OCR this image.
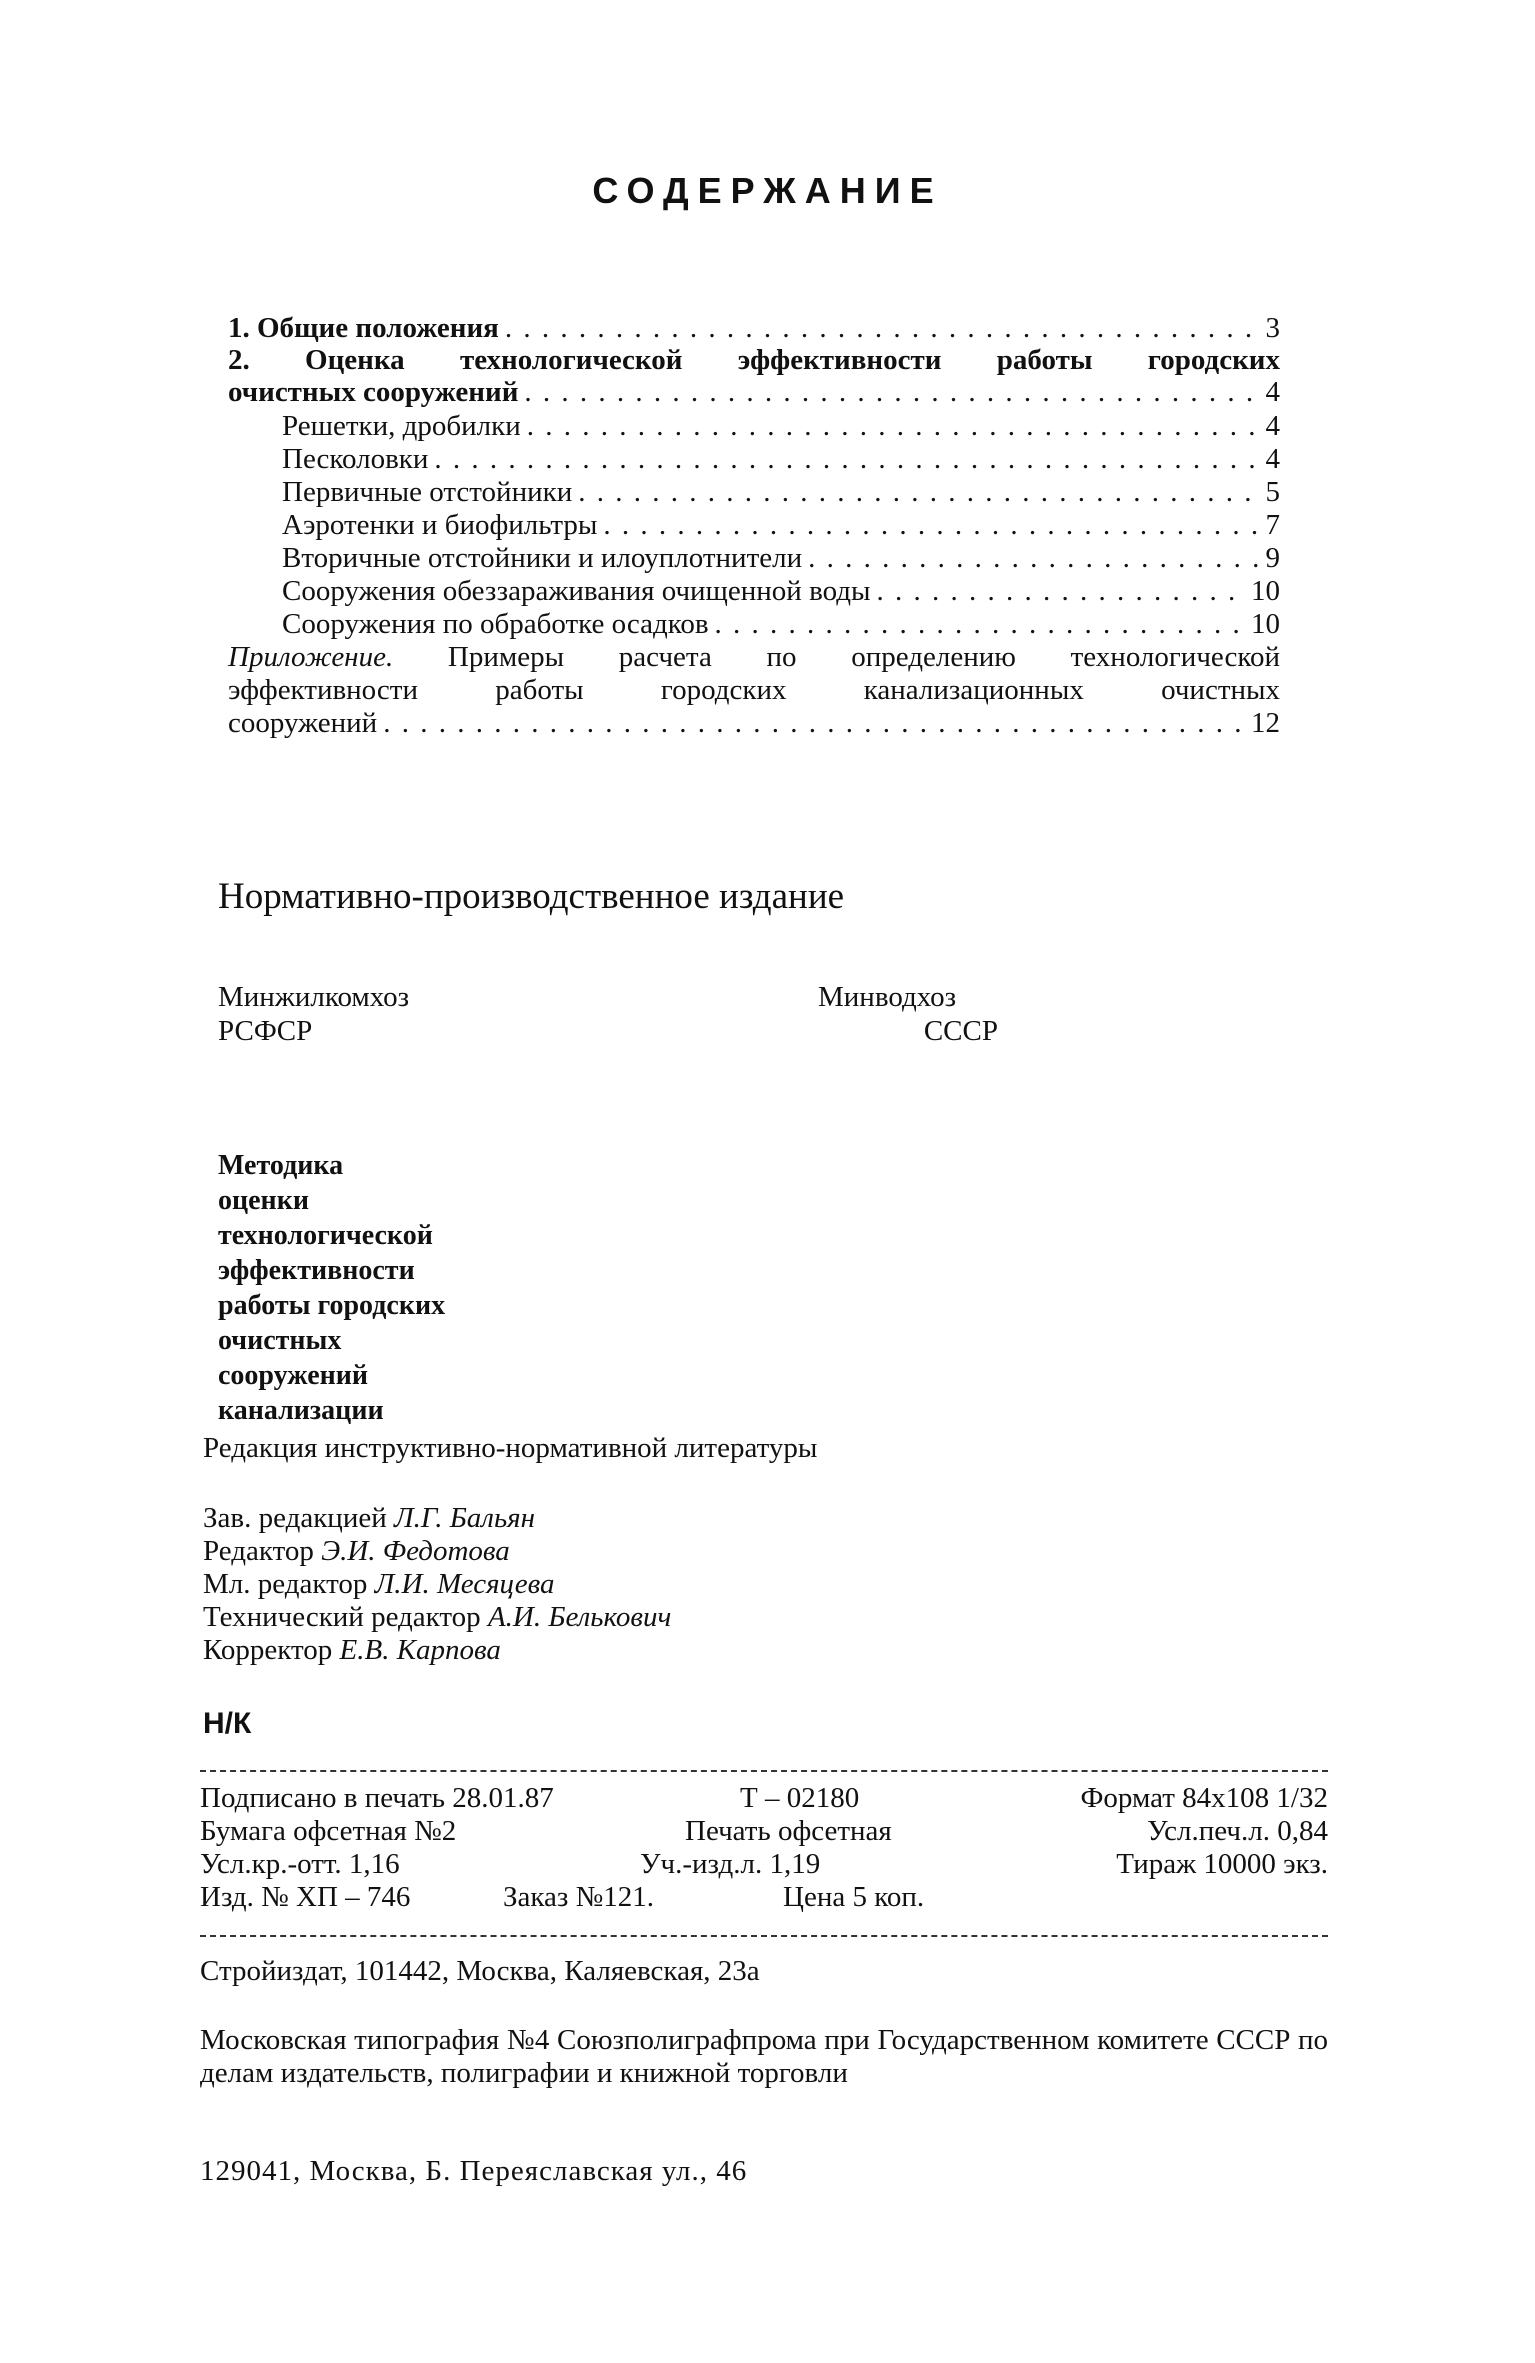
СОДЕРЖАНИЕ
1. Общие положения . . .	3
2. Оценка технологической эффективности работы городских
очистных сооружений . . .	4
Решетки, дробилки . . .	4
Песколовки . . .	4
Первичные отстойники . . .	5
Аэротенки и биофильтры . . .	7
Вторичные отстойники и илоуплотнители . . .	9
Сооружения обеззараживания очищенной воды . . .	10
Сооружения по обработке осадков . . .	10
Приложение. Примеры расчета по определению технологической
эффективности работы городских канализационных очистных
сооружений . . .	12
Нормативно-производственное издание
Минжилкомхоз
РСФСР
Минводхоз
СССР
Методика
оценки
технологической
эффективности
работы городских
очистных
сооружений
канализации
Редакция инструктивно-нормативной литературы
Зав. редакцией Л.Г. Бальян
Редактор Э.И. Федотова
Мл. редактор Л.И. Месяцева
Технический редактор А.И. Белькович
Корректор Е.В. Карпова
Н/К
Подписано в печать 28.01.87	Т – 02180	Формат 84х108 1/32
Бумага офсетная №2	Печать офсетная	Усл.печ.л. 0,84
Усл.кр.-отт. 1,16	Уч.-изд.л. 1,19	Тираж 10000 экз.
Изд. № ХП – 746	Заказ №121.	Цена 5 коп.
Стройиздат, 101442, Москва, Каляевская, 23а
Московская типография №4 Союзполиграфпрома при Государственном комитете СССР по делам издательств, полиграфии и книжной торговли
129041, Москва, Б. Переяславская ул., 46
